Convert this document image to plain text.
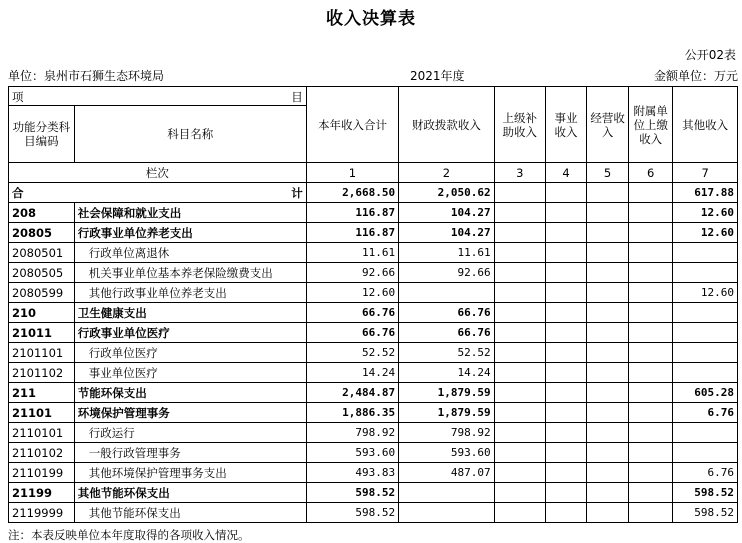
收入决算表
公开02表
单位：泉州市石狮生态环境局	2021年度	金额单位：万元
项 目		本年收入合计	财政拨款收入	上级补助收入	事业收入	经营收入	附属单位上缴收入	其他收入
功能分类科目编码	科目名称							
栏次		1	2	3	4	5	6	7

合 计		2,668.50	2,050.62					617.88
208	社会保障和就业支出	116.87	104.27					12.60
20805	行政事业单位养老支出	116.87	104.27					12.60
2080501	行政单位离退休	11.61	11.61					
2080505	机关事业单位基本养老保险缴费支出	92.66	92.66					
2080599	其他行政事业单位养老支出	12.60						12.60
210	卫生健康支出	66.76	66.76					
21011	行政事业单位医疗	66.76	66.76					
2101101	行政单位医疗	52.52	52.52					
2101102	事业单位医疗	14.24	14.24					
211	节能环保支出	2,484.87	1,879.59					605.28
21101	环境保护管理事务	1,886.35	1,879.59					6.76
2110101	行政运行	798.92	798.92					
2110102	一般行政管理事务	593.60	593.60					
2110199	其他环境保护管理事务支出	493.83	487.07					6.76
21199	其他节能环保支出	598.52						598.52
2119999	其他节能环保支出	598.52						598.52
注：本表反映单位本年度取得的各项收入情况。
